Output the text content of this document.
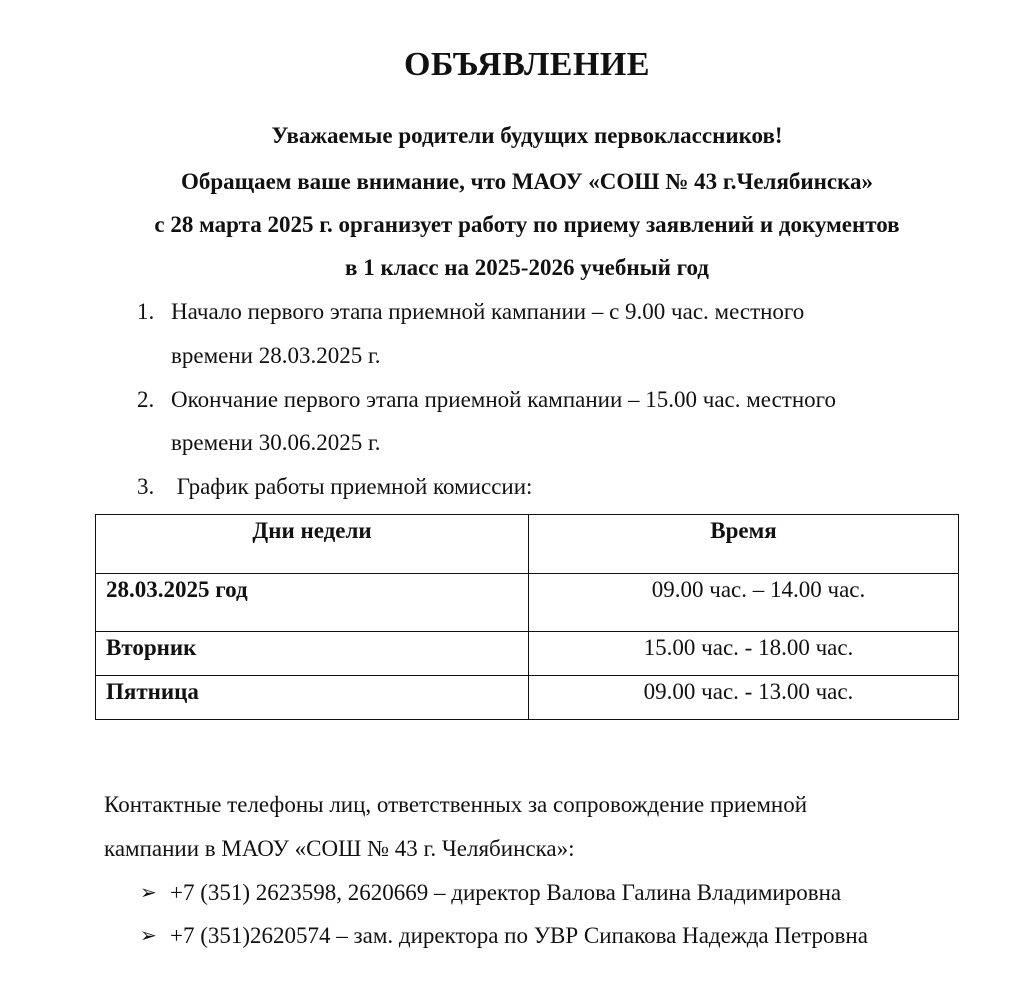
ОБЪЯВЛЕНИЕ
Уважаемые родители будущих первоклассников!
Обращаем ваше внимание, что МАОУ «СОШ № 43 г.Челябинска»
с 28 марта 2025 г. организует работу по приему заявлений и документов
в 1 класс на 2025-2026 учебный год
1. Начало первого этапа приемной кампании – с 9.00 час. местного
времени 28.03.2025 г.
2. Окончание первого этапа приемной кампании – 15.00 час. местного
времени 30.06.2025 г.
3. График работы приемной комиссии:
Дни недели	Время
28.03.2025 год	09.00 час. – 14.00 час.
Вторник	15.00 час. - 18.00 час.
Пятница	09.00 час. - 13.00 час.
Контактные телефоны лиц, ответственных за сопровождение приемной
кампании в МАОУ «СОШ № 43 г. Челябинска»:
➢ +7 (351) 2623598, 2620669 – директор Валова Галина Владимировна
➢ +7 (351)2620574 – зам. директора по УВР Сипакова Надежда Петровна
